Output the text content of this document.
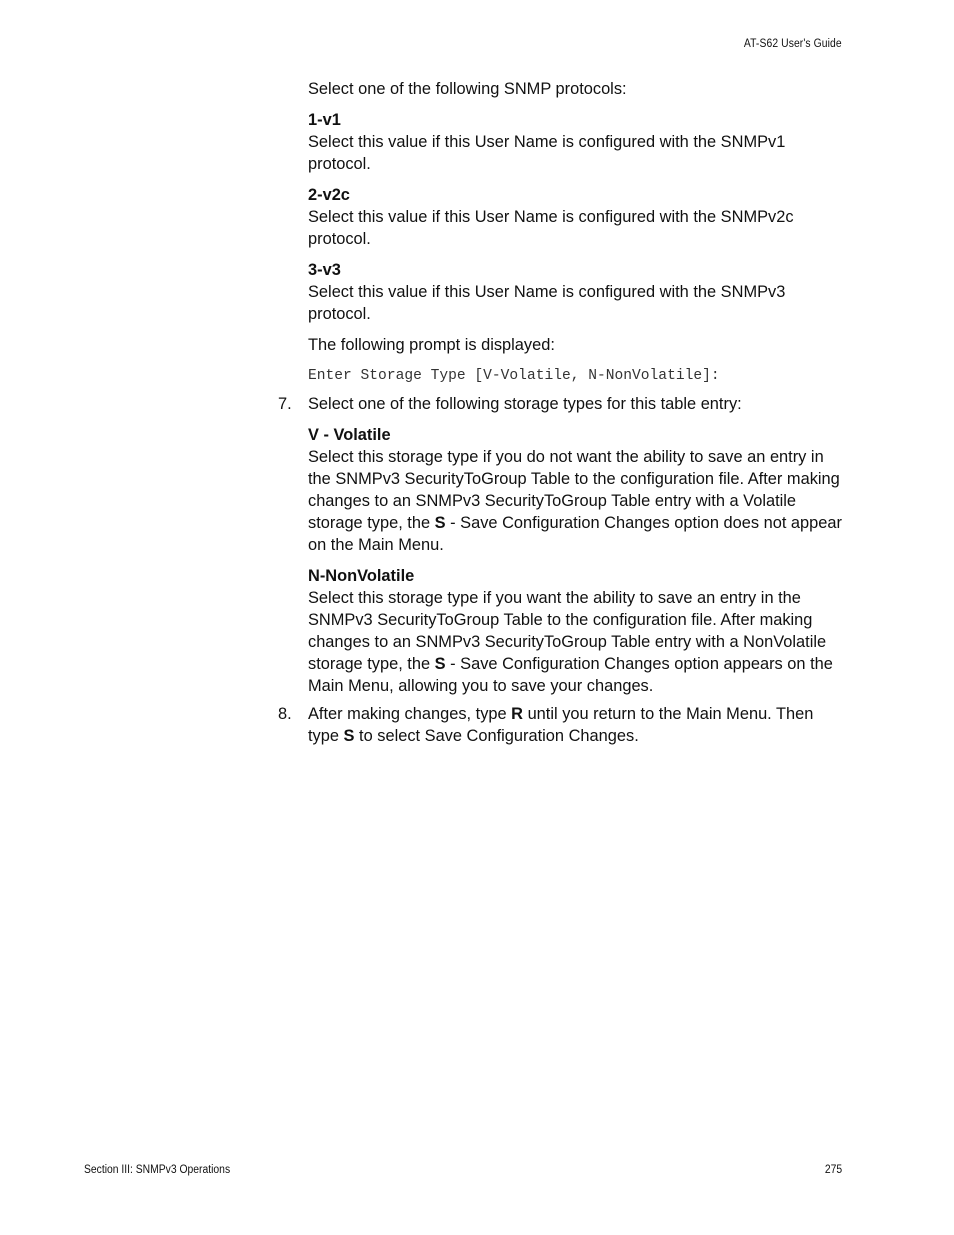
AT-S62 User's Guide

Select one of the following SNMP protocols:

1-v1

Select this value if this User Name is configured with the SNMPv1 protocol.

2-v2c

Select this value if this User Name is configured with the SNMPv2c protocol.

3-v3

Select this value if this User Name is configured with the SNMPv3 protocol.

The following prompt is displayed:

Enter Storage Type [V-Volatile, N-NonVolatile]:

7. Select one of the following storage types for this table entry:

V - Volatile

Select this storage type if you do not want the ability to save an entry in the SNMPv3 SecurityToGroup Table to the configuration file. After making changes to an SNMPv3 SecurityToGroup Table entry with a Volatile storage type, the S - Save Configuration Changes option does not appear on the Main Menu.

N-NonVolatile

Select this storage type if you want the ability to save an entry in the SNMPv3 SecurityToGroup Table to the configuration file. After making changes to an SNMPv3 SecurityToGroup Table entry with a NonVolatile storage type, the S - Save Configuration Changes option appears on the Main Menu, allowing you to save your changes.

8. After making changes, type R until you return to the Main Menu. Then type S to select Save Configuration Changes.

Section III: SNMPv3 Operations	275
